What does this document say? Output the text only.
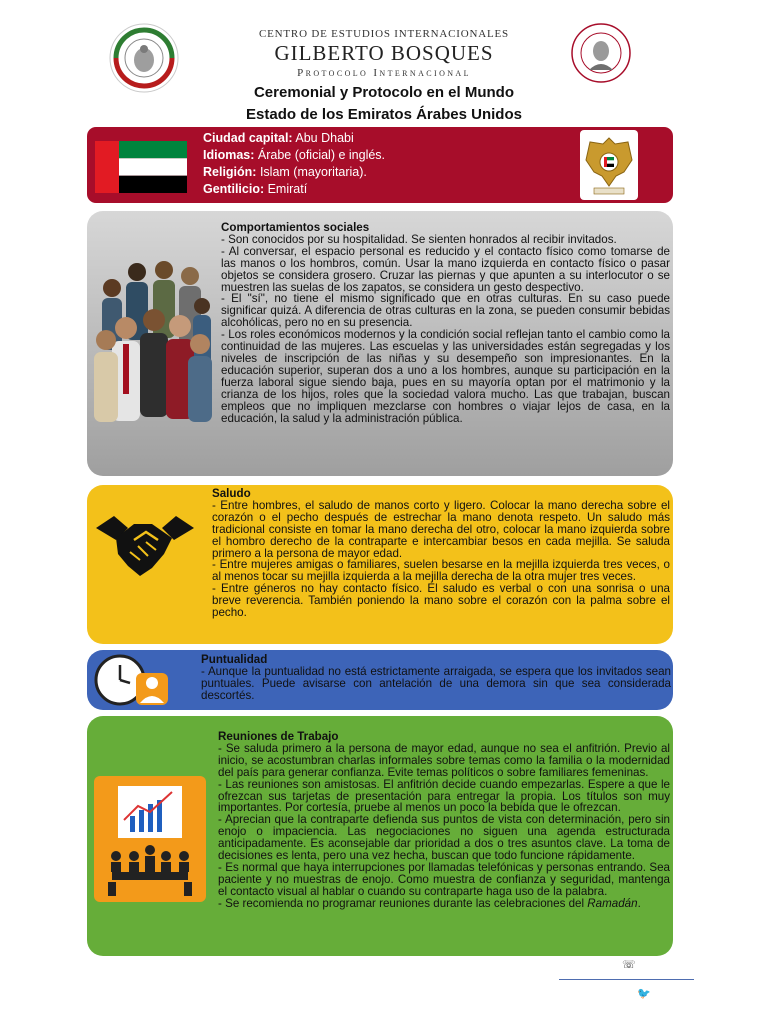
CENTRO DE ESTUDIOS INTERNACIONALES
GILBERTO BOSQUES
Protocolo Internacional
Ceremonial y Protocolo en el Mundo
Estado de los Emiratos Árabes Unidos
Ciudad capital: Abu Dhabi
Idiomas: Árabe (oficial) e inglés.
Religión: Islam (mayoritaria).
Gentilicio: Emiratí

Comportamientos sociales

- Son conocidos por su hospitalidad. Se sienten honrados al recibir invitados.

- Al conversar, el espacio personal es reducido y el contacto físico como tomarse de las manos o los hombros, común. Usar la mano izquierda en contacto físico o pasar objetos se considera grosero. Cruzar las piernas y que apunten a su interlocutor o se muestren las suelas de los zapatos, se considera un gesto despectivo.

- El "sí", no tiene el mismo significado que en otras culturas. En su caso puede significar quizá. A diferencia de otras culturas en la zona, se pueden consumir bebidas alcohólicas, pero no en su presencia.

- Los roles económicos modernos y la condición social reflejan tanto el cambio como la continuidad de las mujeres. Las escuelas y las universidades están segregadas y los niveles de inscripción de las niñas y su desempeño son impresionantes. En la educación superior, superan dos a uno a los hombres, aunque su participación en la fuerza laboral sigue siendo baja, pues en su mayoría optan por el matrimonio y la crianza de los hijos, roles que la sociedad valora mucho. Las que trabajan, buscan empleos que no impliquen mezclarse con hombres o viajar lejos de casa, en la educación, la salud y la administración pública.

Saludo

- Entre hombres, el saludo de manos corto y ligero. Colocar la mano derecha sobre el corazón o el pecho después de estrechar la mano denota respeto. Un saludo más tradicional consiste en tomar la mano derecha del otro, colocar la mano izquierda sobre el hombro derecho de la contraparte e intercambiar besos en cada mejilla. Se saluda primero a la persona de mayor edad.

- Entre mujeres amigas o familiares, suelen besarse en la mejilla izquierda tres veces, o al menos tocar su mejilla izquierda a la mejilla derecha de la otra mujer tres veces.

- Entre géneros no hay contacto físico. El saludo es verbal o con una sonrisa o una breve reverencia. También poniendo la mano sobre el corazón con la palma sobre el pecho.

Puntualidad

- Aunque la puntualidad no está estrictamente arraigada, se espera que los invitados sean puntuales. Puede avisarse con antelación de una demora sin que sea considerada descortés.

Reuniones de Trabajo

- Se saluda primero a la persona de mayor edad, aunque no sea el anfitrión. Previo al inicio, se acostumbran charlas informales sobre temas como la familia o la modernidad del país para generar confianza. Evite temas políticos o sobre familiares femeninas.

- Las reuniones son amistosas. El anfitrión decide cuando empezarlas. Espere a que le ofrezcan sus tarjetas de presentación para entregar la propia. Los títulos son muy importantes. Por cortesía, pruebe al menos un poco la bebida que le ofrezcan.

- Aprecian que la contraparte defienda sus puntos de vista con determinación, pero sin enojo o impaciencia. Las negociaciones no siguen una agenda estructurada anticipadamente. Es aconsejable dar prioridad a dos o tres asuntos clave. La toma de decisiones es lenta, pero una vez hecha, buscan que todo funcione rápidamente.

- Es normal que haya interrupciones por llamadas telefónicas y personas entrando. Sea paciente y no muestras de enojo. Como muestra de confianza y seguridad, mantenga el contacto visual al hablar o cuando su contraparte haga uso de la palabra.

- Se recomienda no programar reuniones durante las celebraciones del Ramadán.

☏
🐦
